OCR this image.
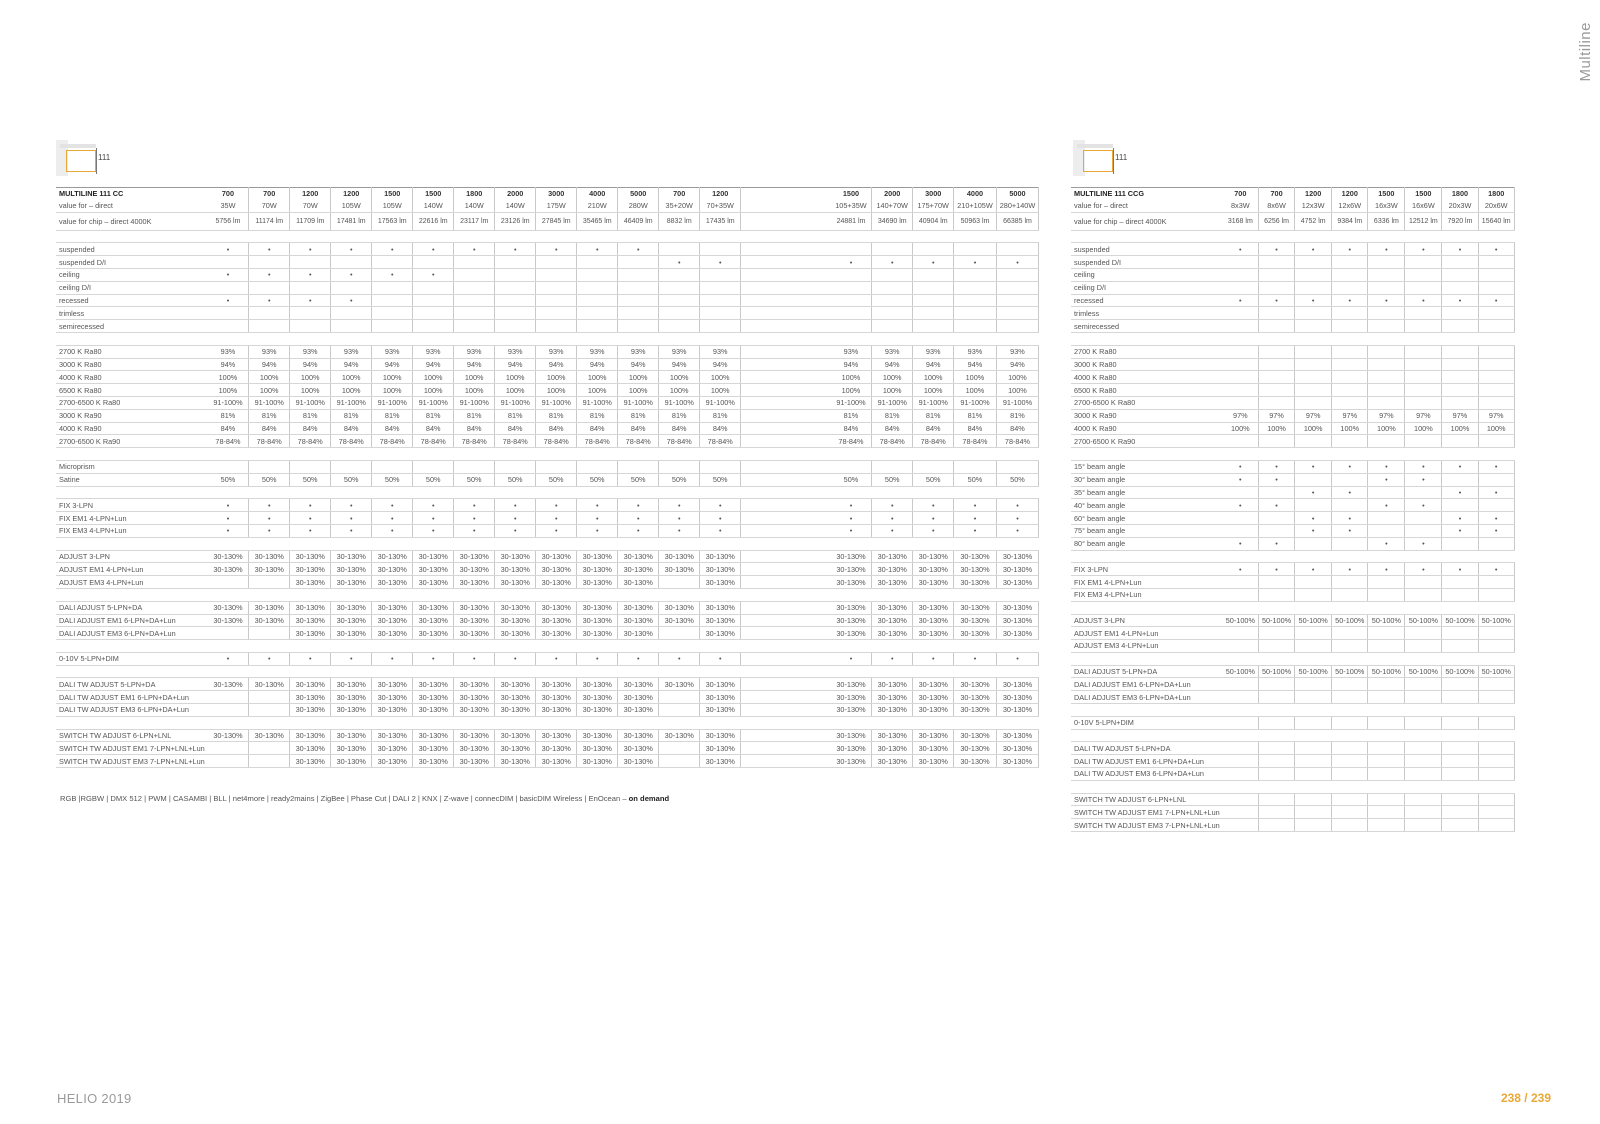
Multiline
111	111
MULTILINE 111 CC	700	700	1200	1200	1500	1500	1800	2000	3000	4000	5000	700	1200		1500	2000	3000	4000	5000
value for – direct	35W	70W	70W	105W	105W	140W	140W	140W	175W	210W	280W	35+20W	70+35W		105+35W	140+70W	175+70W	210+105W	280+140W
value for chip – direct 4000K	5756 lm	11174 lm	11709 lm	17481 lm	17563 lm	22616 lm	23117 lm	23126 lm	27845 lm	35465 lm	46409 lm	8832 lm	17435 lm		24881 lm	34690 lm	40904 lm	50963 lm	66385 lm

suspended	•	•	•	•	•	•	•	•	•	•	•								
suspended D/I												•	•		•	•	•	•	•
ceiling	•	•	•	•	•	•													
ceiling D/I																			
recessed	•	•	•	•															
trimless																			
semirecessed																			

2700 K Ra80	93%	93%	93%	93%	93%	93%	93%	93%	93%	93%	93%	93%	93%		93%	93%	93%	93%	93%
3000 K Ra80	94%	94%	94%	94%	94%	94%	94%	94%	94%	94%	94%	94%	94%		94%	94%	94%	94%	94%
4000 K Ra80	100%	100%	100%	100%	100%	100%	100%	100%	100%	100%	100%	100%	100%		100%	100%	100%	100%	100%
6500 K Ra80	100%	100%	100%	100%	100%	100%	100%	100%	100%	100%	100%	100%	100%		100%	100%	100%	100%	100%
2700-6500 K Ra80	91-100%	91-100%	91-100%	91-100%	91-100%	91-100%	91-100%	91-100%	91-100%	91-100%	91-100%	91-100%	91-100%		91-100%	91-100%	91-100%	91-100%	91-100%
3000 K Ra90	81%	81%	81%	81%	81%	81%	81%	81%	81%	81%	81%	81%	81%		81%	81%	81%	81%	81%
4000 K Ra90	84%	84%	84%	84%	84%	84%	84%	84%	84%	84%	84%	84%	84%		84%	84%	84%	84%	84%
2700-6500 K Ra90	78-84%	78-84%	78-84%	78-84%	78-84%	78-84%	78-84%	78-84%	78-84%	78-84%	78-84%	78-84%	78-84%		78-84%	78-84%	78-84%	78-84%	78-84%

Microprism																			
Satine	50%	50%	50%	50%	50%	50%	50%	50%	50%	50%	50%	50%	50%		50%	50%	50%	50%	50%

FIX 3-LPN	•	•	•	•	•	•	•	•	•	•	•	•	•		•	•	•	•	•
FIX EM1 4-LPN+Lun	•	•	•	•	•	•	•	•	•	•	•	•	•		•	•	•	•	•
FIX EM3 4-LPN+Lun	•	•	•	•	•	•	•	•	•	•	•	•	•		•	•	•	•	•

ADJUST 3-LPN	30-130%	30-130%	30-130%	30-130%	30-130%	30-130%	30-130%	30-130%	30-130%	30-130%	30-130%	30-130%	30-130%		30-130%	30-130%	30-130%	30-130%	30-130%
ADJUST EM1 4-LPN+Lun	30-130%	30-130%	30-130%	30-130%	30-130%	30-130%	30-130%	30-130%	30-130%	30-130%	30-130%	30-130%	30-130%		30-130%	30-130%	30-130%	30-130%	30-130%
ADJUST EM3 4-LPN+Lun			30-130%	30-130%	30-130%	30-130%	30-130%	30-130%	30-130%	30-130%	30-130%		30-130%		30-130%	30-130%	30-130%	30-130%	30-130%

DALI ADJUST 5-LPN+DA	30-130%	30-130%	30-130%	30-130%	30-130%	30-130%	30-130%	30-130%	30-130%	30-130%	30-130%	30-130%	30-130%		30-130%	30-130%	30-130%	30-130%	30-130%
DALI ADJUST EM1 6-LPN+DA+Lun	30-130%	30-130%	30-130%	30-130%	30-130%	30-130%	30-130%	30-130%	30-130%	30-130%	30-130%	30-130%	30-130%		30-130%	30-130%	30-130%	30-130%	30-130%
DALI ADJUST EM3 6-LPN+DA+Lun			30-130%	30-130%	30-130%	30-130%	30-130%	30-130%	30-130%	30-130%	30-130%		30-130%		30-130%	30-130%	30-130%	30-130%	30-130%

0-10V 5-LPN+DIM	•	•	•	•	•	•	•	•	•	•	•	•	•		•	•	•	•	•

DALI TW ADJUST 5-LPN+DA	30-130%	30-130%	30-130%	30-130%	30-130%	30-130%	30-130%	30-130%	30-130%	30-130%	30-130%	30-130%	30-130%		30-130%	30-130%	30-130%	30-130%	30-130%
DALI TW ADJUST EM1 6-LPN+DA+Lun			30-130%	30-130%	30-130%	30-130%	30-130%	30-130%	30-130%	30-130%	30-130%		30-130%		30-130%	30-130%	30-130%	30-130%	30-130%
DALI TW ADJUST EM3 6-LPN+DA+Lun			30-130%	30-130%	30-130%	30-130%	30-130%	30-130%	30-130%	30-130%	30-130%		30-130%		30-130%	30-130%	30-130%	30-130%	30-130%

SWITCH TW ADJUST 6-LPN+LNL	30-130%	30-130%	30-130%	30-130%	30-130%	30-130%	30-130%	30-130%	30-130%	30-130%	30-130%	30-130%	30-130%		30-130%	30-130%	30-130%	30-130%	30-130%
SWITCH TW ADJUST EM1 7-LPN+LNL+Lun			30-130%	30-130%	30-130%	30-130%	30-130%	30-130%	30-130%	30-130%	30-130%		30-130%		30-130%	30-130%	30-130%	30-130%	30-130%
SWITCH TW ADJUST EM3 7-LPN+LNL+Lun			30-130%	30-130%	30-130%	30-130%	30-130%	30-130%	30-130%	30-130%	30-130%		30-130%		30-130%	30-130%	30-130%	30-130%	30-130%
MULTILINE 111 CCG	700	700	1200	1200	1500	1500	1800	1800
value for – direct	8x3W	8x6W	12x3W	12x6W	16x3W	16x6W	20x3W	20x6W
value for chip – direct 4000K	3168 lm	6256 lm	4752 lm	9384 lm	6336 lm	12512 lm	7920 lm	15640 lm

suspended	•	•	•	•	•	•	•	•
suspended D/I								
ceiling								
ceiling D/I								
recessed	•	•	•	•	•	•	•	•
trimless								
semirecessed								

2700 K Ra80								
3000 K Ra80								
4000 K Ra80								
6500 K Ra80								
2700-6500 K Ra80								
3000 K Ra90	97%	97%	97%	97%	97%	97%	97%	97%
4000 K Ra90	100%	100%	100%	100%	100%	100%	100%	100%
2700-6500 K Ra90								

15° beam angle	•	•	•	•	•	•	•	•
30° beam angle	•	•			•	•		
35° beam angle			•	•			•	•
40° beam angle	•	•			•	•		
60° beam angle			•	•			•	•
75° beam angle			•	•			•	•
80° beam angle	•	•			•	•		

FIX 3-LPN	•	•	•	•	•	•	•	•
FIX EM1 4-LPN+Lun								
FIX EM3 4-LPN+Lun								

ADJUST 3-LPN	50-100%	50-100%	50-100%	50-100%	50-100%	50-100%	50-100%	50-100%
ADJUST EM1 4-LPN+Lun								
ADJUST EM3 4-LPN+Lun								

DALI ADJUST 5-LPN+DA	50-100%	50-100%	50-100%	50-100%	50-100%	50-100%	50-100%	50-100%
DALI ADJUST EM1 6-LPN+DA+Lun								
DALI ADJUST EM3 6-LPN+DA+Lun								

0-10V 5-LPN+DIM								

DALI TW ADJUST 5-LPN+DA								
DALI TW ADJUST EM1 6-LPN+DA+Lun								
DALI TW ADJUST EM3 6-LPN+DA+Lun								

SWITCH TW ADJUST 6-LPN+LNL								
SWITCH TW ADJUST EM1 7-LPN+LNL+Lun								
SWITCH TW ADJUST EM3 7-LPN+LNL+Lun								
RGB |RGBW | DMX 512 | PWM | CASAMBI | BLL | net4more | ready2mains | ZigBee | Phase Cut | DALI 2 | KNX | Z-wave | connecDIM | basicDIM Wireless | EnOcean – on demand
HELIO 2019	238 / 239
